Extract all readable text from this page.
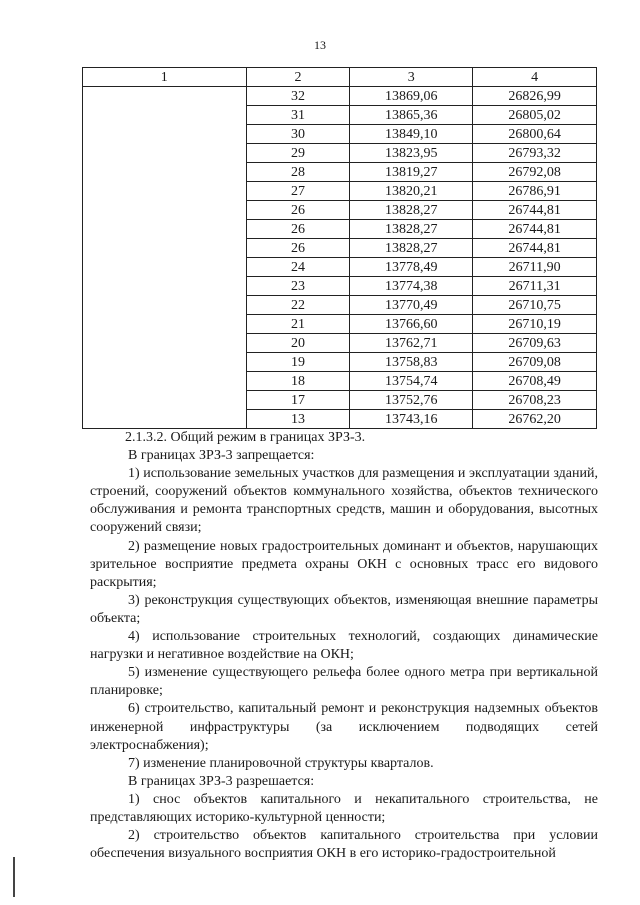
13
1	2	3	4
	32	13869,06	26826,99
	31	13865,36	26805,02
	30	13849,10	26800,64
	29	13823,95	26793,32
	28	13819,27	26792,08
	27	13820,21	26786,91
	26	13828,27	26744,81
	26	13828,27	26744,81
	26	13828,27	26744,81
	24	13778,49	26711,90
	23	13774,38	26711,31
	22	13770,49	26710,75
	21	13766,60	26710,19
	20	13762,71	26709,63
	19	13758,83	26709,08
	18	13754,74	26708,49
	17	13752,76	26708,23
	13	13743,16	26762,20

2.1.3.2. Общий режим в границах ЗРЗ-3.

В границах ЗРЗ-3 запрещается:

1) использование земельных участков для размещения и эксплуатации зданий, строений, сооружений объектов коммунального хозяйства, объектов технического обслуживания и ремонта транспортных средств, машин и оборудования, высотных сооружений связи;

2) размещение новых градостроительных доминант и объектов, нарушающих зрительное восприятие предмета охраны ОКН с основных трасс его видового раскрытия;

3) реконструкция существующих объектов, изменяющая внешние параметры объекта;

4) использование строительных технологий, создающих динамические нагрузки и негативное воздействие на ОКН;

5) изменение существующего рельефа более одного метра при вертикальной планировке;

6) строительство, капитальный ремонт и реконструкция надземных объектов инженерной инфраструктуры (за исключением подводящих сетей электроснабжения);

7) изменение планировочной структуры кварталов.

В границах ЗРЗ-3 разрешается:

1) снос объектов капитального и некапитального строительства, не представляющих историко-культурной ценности;

2) строительство объектов капитального строительства при условии обеспечения визуального восприятия ОКН в его историко-градостроительной
